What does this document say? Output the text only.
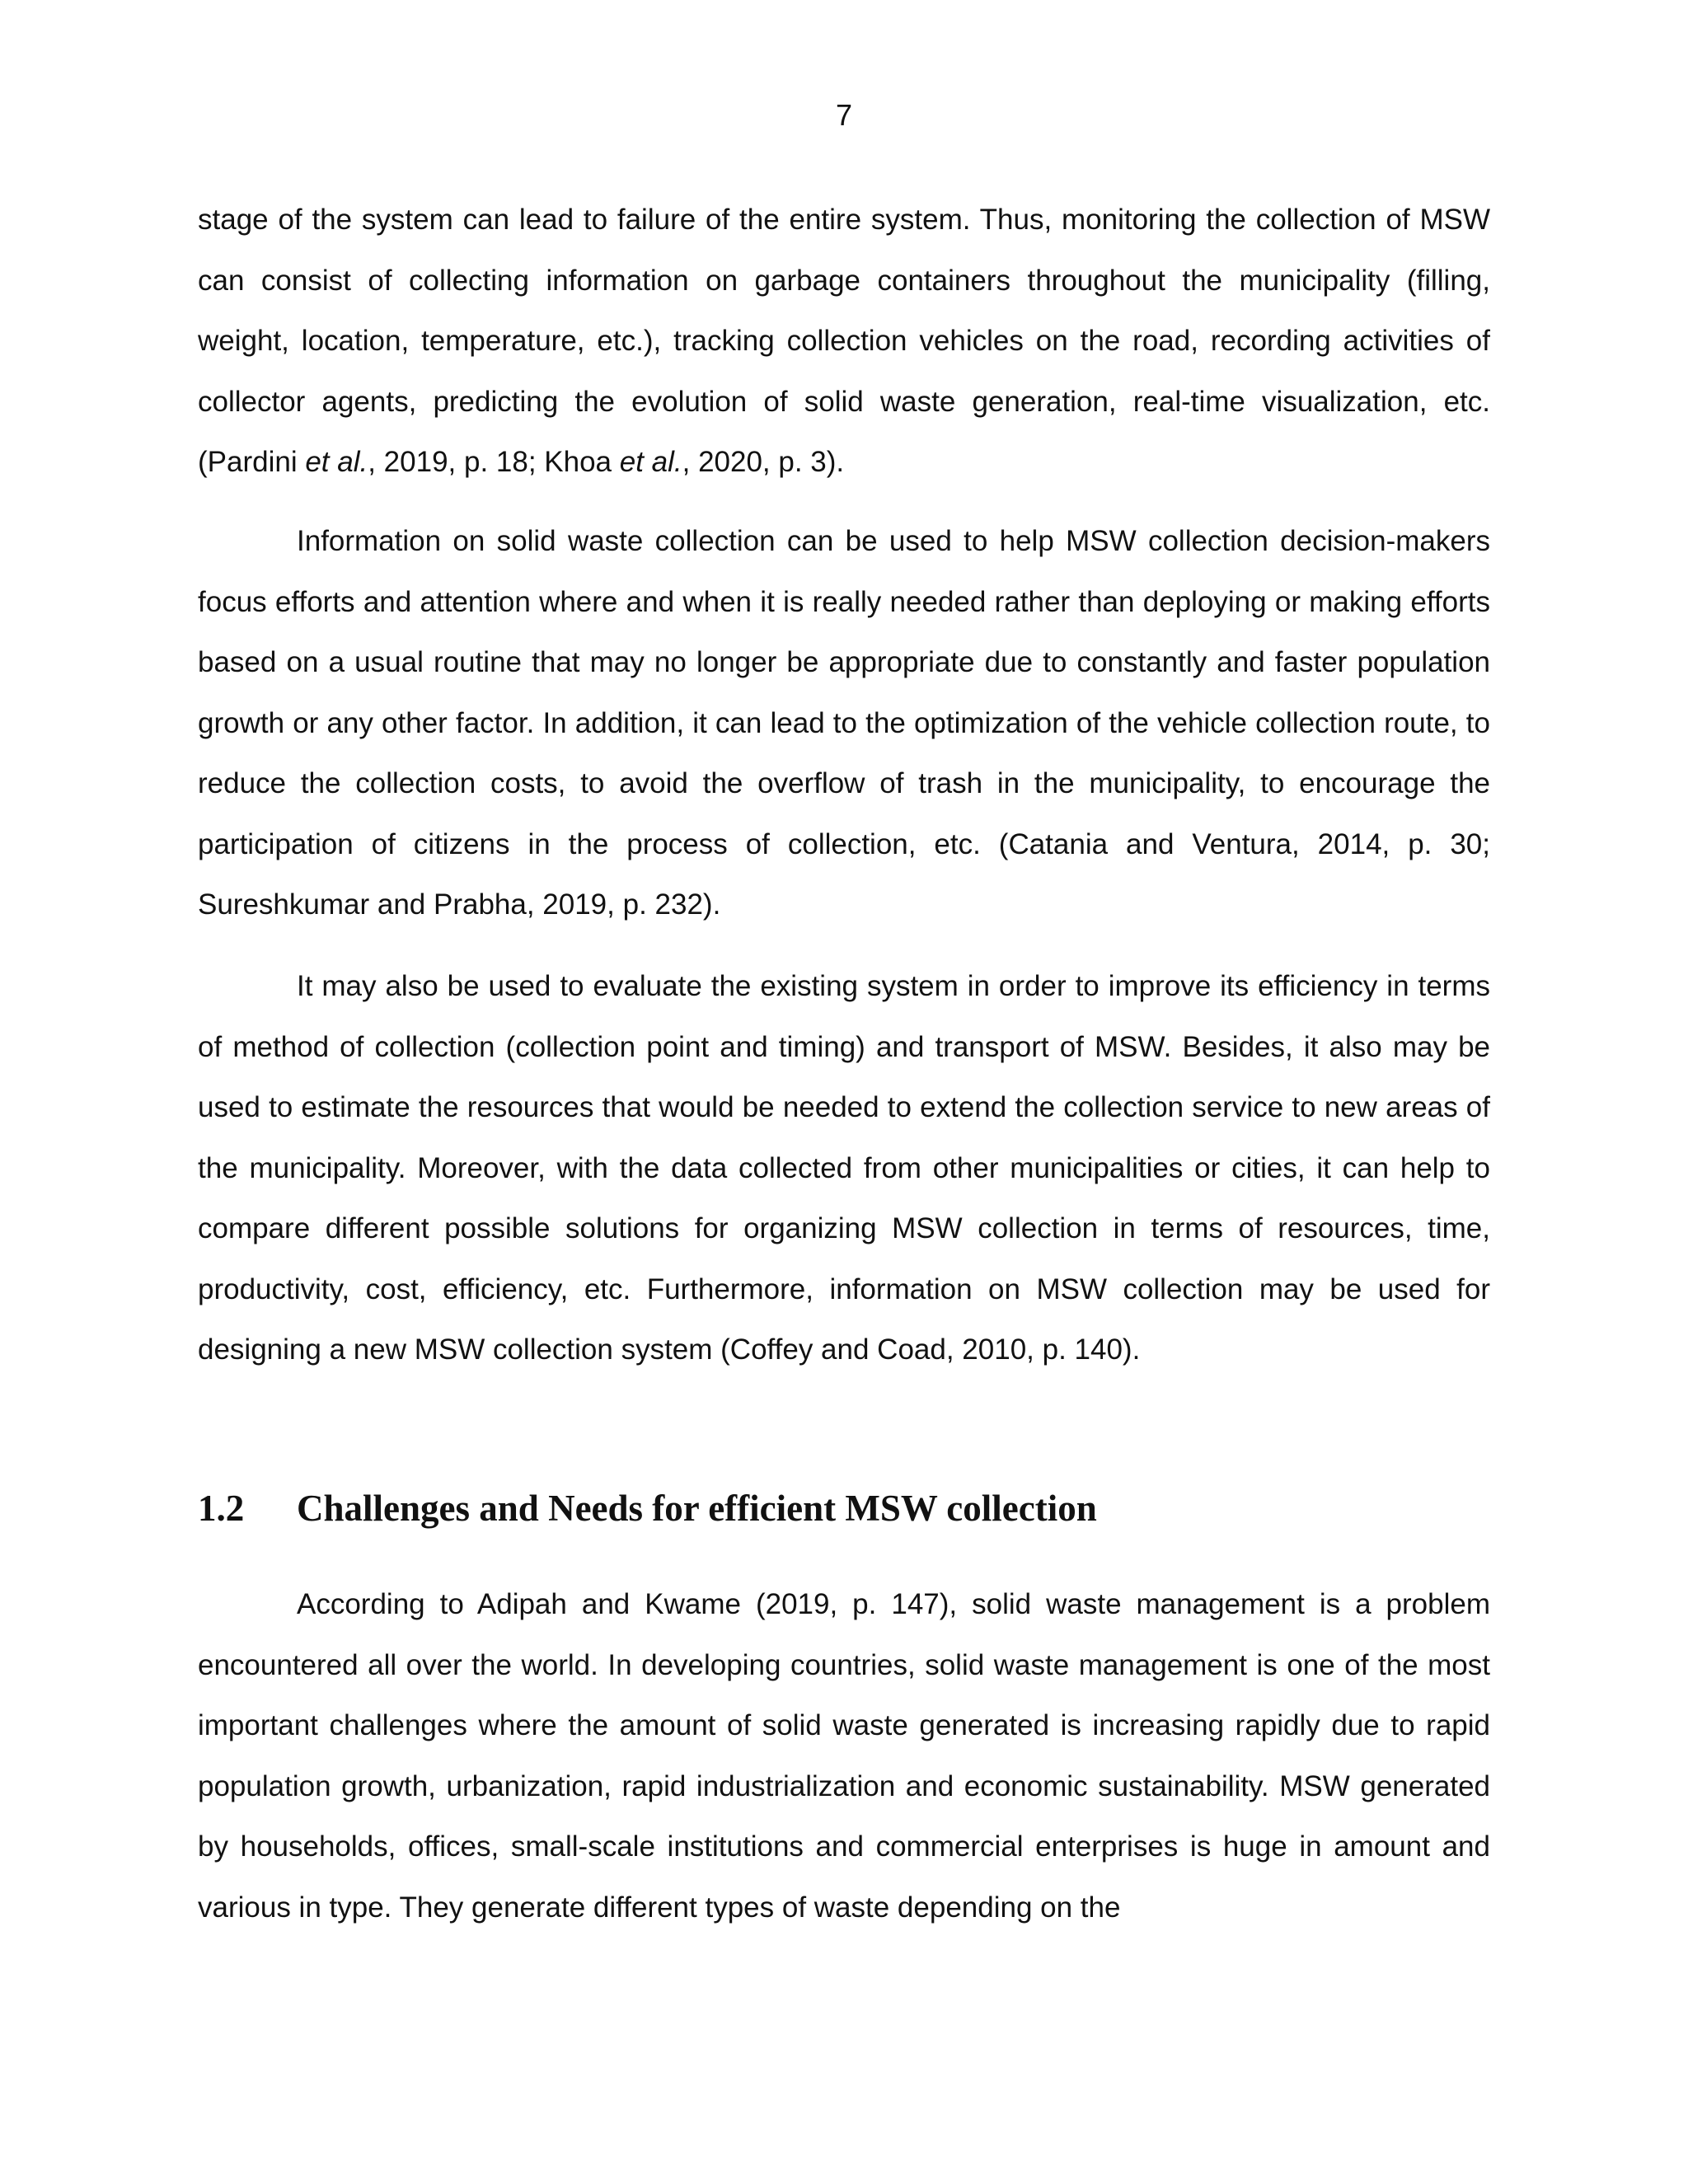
7

stage of the system can lead to failure of the entire system. Thus, monitoring the collection of MSW can consist of collecting information on garbage containers throughout the municipality (filling, weight, location, temperature, etc.), tracking collection vehicles on the road, recording activities of collector agents, predicting the evolution of solid waste generation, real-time visualization, etc. (Pardini et al., 2019, p. 18; Khoa et al., 2020, p. 3).

Information on solid waste collection can be used to help MSW collection decision-makers focus efforts and attention where and when it is really needed rather than deploying or making efforts based on a usual routine that may no longer be appropriate due to constantly and faster population growth or any other factor. In addition, it can lead to the optimization of the vehicle collection route, to reduce the collection costs, to avoid the overflow of trash in the municipality, to encourage the participation of citizens in the process of collection, etc. (Catania and Ventura, 2014, p. 30; Sureshkumar and Prabha, 2019, p. 232).

It may also be used to evaluate the existing system in order to improve its efficiency in terms of method of collection (collection point and timing) and transport of MSW. Besides, it also may be used to estimate the resources that would be needed to extend the collection service to new areas of the municipality. Moreover, with the data collected from other municipalities or cities, it can help to compare different possible solutions for organizing MSW collection in terms of resources, time, productivity, cost, efficiency, etc. Furthermore, information on MSW collection may be used for designing a new MSW collection system (Coffey and Coad, 2010, p. 140).

1.2 Challenges and Needs for efficient MSW collection

According to Adipah and Kwame (2019, p. 147), solid waste management is a problem encountered all over the world. In developing countries, solid waste management is one of the most important challenges where the amount of solid waste generated is increasing rapidly due to rapid population growth, urbanization, rapid industrialization and economic sustainability. MSW generated by households, offices, small-scale institutions and commercial enterprises is huge in amount and various in type. They generate different types of waste depending on the
